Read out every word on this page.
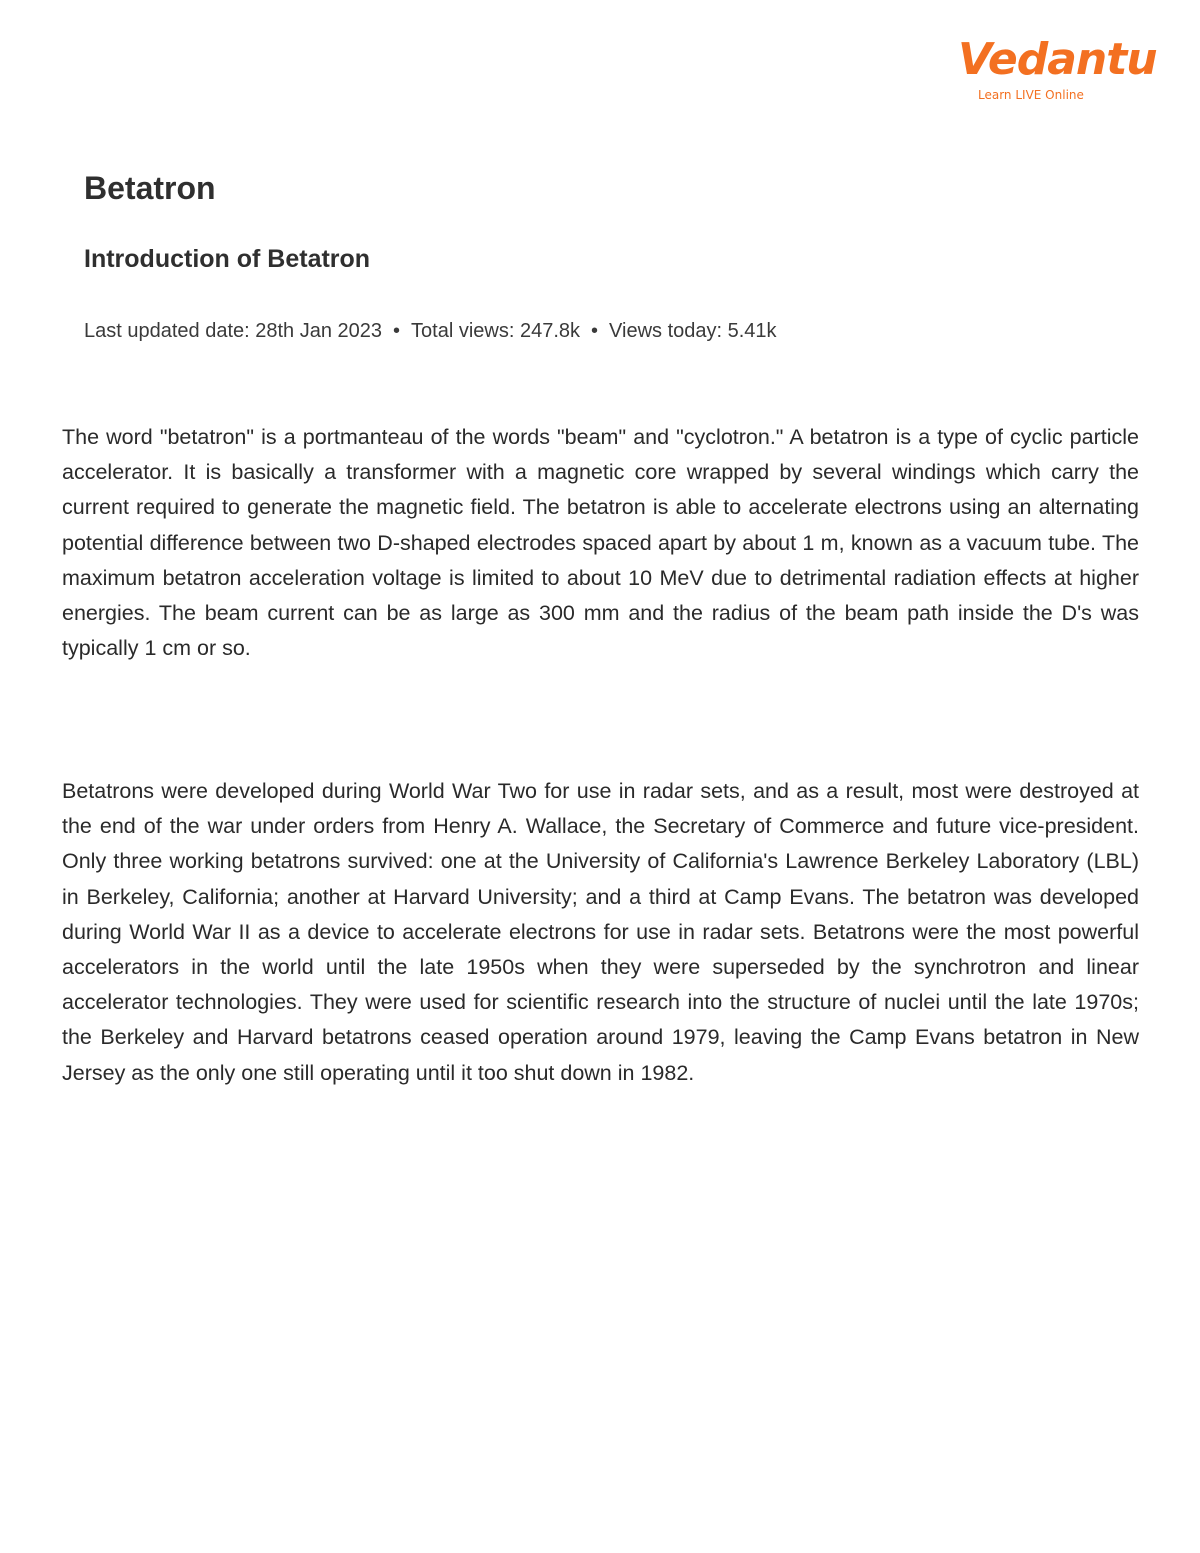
Vedantu
Learn LIVE Online
Betatron
Introduction of Betatron
Last updated date: 28th Jan 2023 • Total views: 247.8k • Views today: 5.41k

The word "betatron" is a portmanteau of the words "beam" and "cyclotron." A betatron is a type of cyclic particle accelerator. It is basically a transformer with a magnetic core wrapped by several windings which carry the current required to generate the magnetic field. The betatron is able to accelerate electrons using an alternating potential difference between two D-shaped electrodes spaced apart by about 1 m, known as a vacuum tube. The maximum betatron acceleration voltage is limited to about 10 MeV due to detrimental radiation effects at higher energies. The beam current can be as large as 300 mm and the radius of the beam path inside the D's was typically 1 cm or so.

Betatrons were developed during World War Two for use in radar sets, and as a result, most were destroyed at the end of the war under orders from Henry A. Wallace, the Secretary of Commerce and future vice-president. Only three working betatrons survived: one at the University of California's Lawrence Berkeley Laboratory (LBL) in Berkeley, California; another at Harvard University; and a third at Camp Evans. The betatron was developed during World War II as a device to accelerate electrons for use in radar sets. Betatrons were the most powerful accelerators in the world until the late 1950s when they were superseded by the synchrotron and linear accelerator technologies. They were used for scientific research into the structure of nuclei until the late 1970s; the Berkeley and Harvard betatrons ceased operation around 1979, leaving the Camp Evans betatron in New Jersey as the only one still operating until it too shut down in 1982.
